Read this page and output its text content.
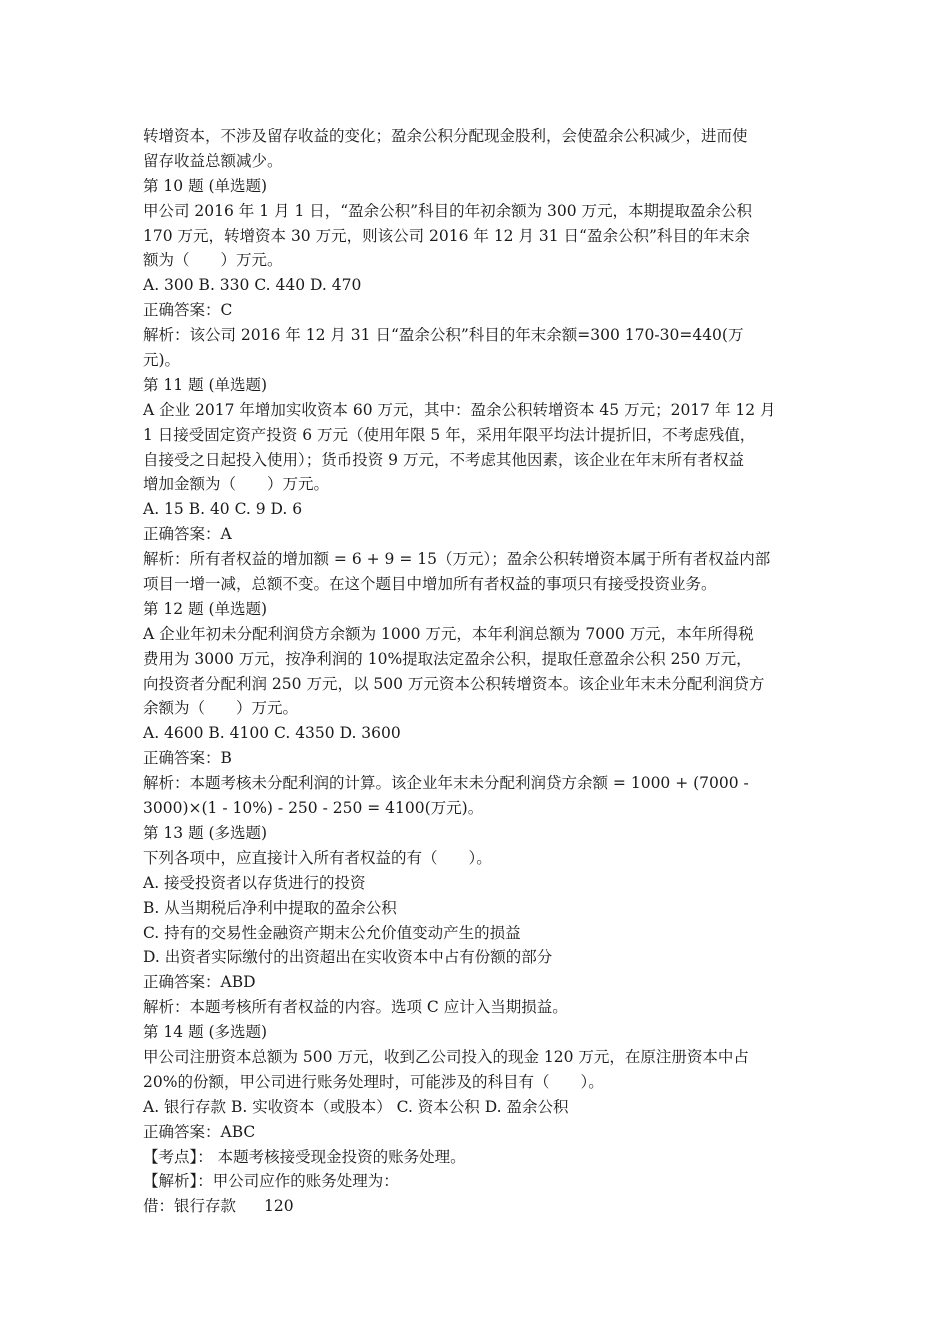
转增资本，不涉及留存收益的变化；盈余公积分配现金股利，会使盈余公积减少，进而使
留存收益总额减少。
第 10 题 (单选题)
甲公司 2016 年 1 月 1 日，“盈余公积”科目的年初余额为 300 万元，本期提取盈余公积
170 万元，转增资本 30 万元，则该公司 2016 年 12 月 31 日“盈余公积”科目的年末余
额为（　　）万元。
A. 300 B. 330 C. 440 D. 470
正确答案：C
解析：该公司 2016 年 12 月 31 日“盈余公积”科目的年末余额=300 170-30=440(万
元)。
第 11 题 (单选题)
A 企业 2017 年增加实收资本 60 万元，其中：盈余公积转增资本 45 万元；2017 年 12 月
1 日接受固定资产投资 6 万元（使用年限 5 年，采用年限平均法计提折旧，不考虑残值，
自接受之日起投入使用）；货币投资 9 万元，不考虑其他因素，该企业在年末所有者权益
增加金额为（　　）万元。
A. 15 B. 40 C. 9 D. 6
正确答案：A
解析：所有者权益的增加额 = 6 + 9 = 15（万元）；盈余公积转增资本属于所有者权益内部
项目一增一减，总额不变。在这个题目中增加所有者权益的事项只有接受投资业务。
第 12 题 (单选题)
A 企业年初未分配利润贷方余额为 1000 万元，本年利润总额为 7000 万元，本年所得税
费用为 3000 万元，按净利润的 10%提取法定盈余公积，提取任意盈余公积 250 万元，
向投资者分配利润 250 万元，以 500 万元资本公积转增资本。该企业年末未分配利润贷方
余额为（　　）万元。
A. 4600 B. 4100 C. 4350 D. 3600
正确答案：B
解析：本题考核未分配利润的计算。该企业年末未分配利润贷方余额 = 1000 + (7000 -
3000)×(1 - 10%) - 250 - 250 = 4100(万元)。
第 13 题 (多选题)
下列各项中，应直接计入所有者权益的有（　　）。
A. 接受投资者以存货进行的投资
B. 从当期税后净利中提取的盈余公积
C. 持有的交易性金融资产期末公允价值变动产生的损益
D. 出资者实际缴付的出资超出在实收资本中占有份额的部分
正确答案：ABD
解析：本题考核所有者权益的内容。选项 C 应计入当期损益。
第 14 题 (多选题)
甲公司注册资本总额为 500 万元，收到乙公司投入的现金 120 万元，在原注册资本中占
20%的份额，甲公司进行账务处理时，可能涉及的科目有（　　）。
A. 银行存款 B. 实收资本（或股本） C. 资本公积 D. 盈余公积
正确答案：ABC
【考点】： 本题考核接受现金投资的账务处理。
【解析】：甲公司应作的账务处理为：
借：银行存款 120
